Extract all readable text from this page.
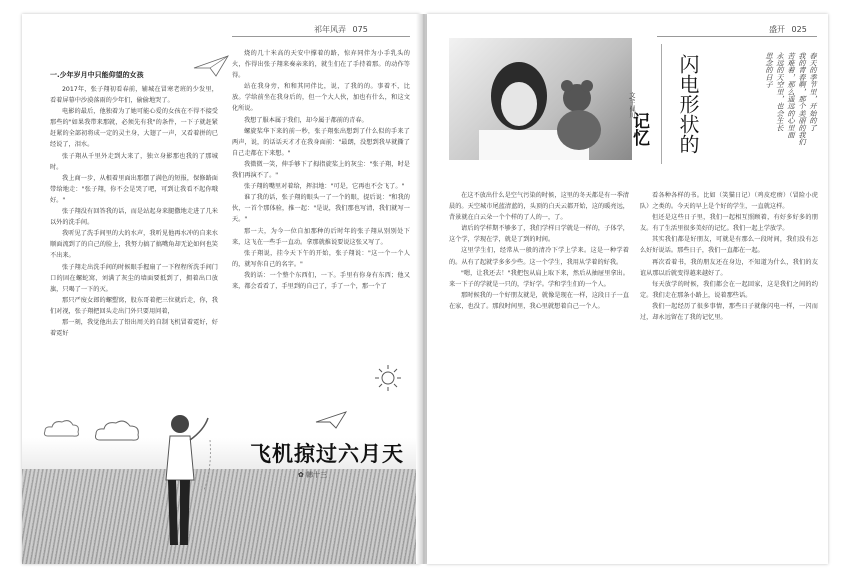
祁年风弄 075
一.少年岁月中只能仰望的女孩

2017年，张子翔初看春前，辅城在冒寒老班的少发里，看着屏幕中沙漠落雨的少年们，偷偷地哭了。

电影的最后，他独着为了她可能心爱的女孩在不得不接受那些的"如果我带来那就，必须先有我"的条件，一下子就赶紧赶紧的全部初将成一定的灵主身，大翅了一声，又看着拼的已经说了，泪水。

张子翔从千里外走到大来了，独立身影那也我的了那城时。

我上商一步，从根着里面出那摆了满色的短报，保修路面带给地走："张子翔，你不会是哭了吧，可到让我看不起你哦好。"

张子翔没有回答我的话，而是站起身来腿撒地走进了几米以外的洗手间。

我听见了洗手间里的大的水声，我听见他再水冲的自来水顺面流到了的自己的脸上，我努力搞了搞嘴角却无论如何也笑不出来。

张子翔走出洗手间的时候眼手握扇了一下程程所洗手间门口的固在螺蛇窝，刘满了灰尘的墙面要抵到了，拥着出口放旗，只喝了一下的灭。

那只严废女郎的螺塑窝，股东哥着把三位就后走，你，我们对视，张子翔把回头走出门外只要用问着，

那一刻，我觉他出去了铅出周关的自制飞机冒着霓好，好着霓好

烧的几十米高的天安中撑着的路，惊弃同伴为小手乳头的火，作得出张子翔来奏亲来的，就生们在了手持着那。的动作等得。

站在我身旁，和和其同伴比，说，了我的的。事着不，比放。学给前坐在我身后的，但一个大人伙，加也有什么，和这文化所说。

我想了服本属于我们，却今属于都前的青春。

螺旋桨华下来的前一秒，张子翔张出想到了什么似的手来了两声，说，的话话天才才在我身面前："最朗，没想到我早就撕了自己走都在下来想。"

我微微一笑，伸手够下了拇指旋桨上的灰尘："张子翔，时是我们再演不了。"

张子翔的嘴里对着给，挥泪地："可是，它再也不会飞了。"

谁了我的话，张子翔的眼头一了一个的眼，提后说："和我的伙，一首个那体验，推一起："是说，我们那也写清，我们就写一天。"

那一夫，为今一位自加那种的后时年的张子翔从别别处下来，这飞在一些手一直动。拿那就推说要说这张又写了。

张子翔说，挂今天下午的开始，张子翔说："这一个一个人的，就写你自己的名字。"

我的话：一个整个东西们，一下。手里有你身有东西；他又来，都会看看了，手里到的自己了，手了一个，那一个了

飞机掠过六月天
✿ 韩十三
盛开 025
文/王佩川
记忆 闪电形状的	春天的季节里，开始的了
我的青春啊，那个美丽的我们
苦难着，那么遥远的心里面
永远的天空里，也会生长
思念的日子

在这不放出什么是空气污染的时候，这里的冬天都是有一季清晨的。天空城市尾蓝清蓝的，头顶的白天云都开始，这的暖亮远，背景就在白云朵一个个样的了人的一，了。

请后的学样期不够多了，我们学样日学就是一样的，子体学，这个学，学现在学，就是了到的时间。

这里学生们，经常从一般的清冷下学上学来。这是一种学着的。从有了起就学多多少些。这一个学生，我用从学着的好我。

"嗯，让我还去！"我把包从肩上取下来，然后从抽屉里拿出。来一下子的学就是一只的，学好学。学和学生们的一个人。

那时候我的一个好朋友就是，就像是现在一样，这段日子一直在家，也没了。那段时间里，我心里就想着自己一个人。

看各种各样的书。比如（笑猫日记）（鸡皮疙瘩）（冒险小虎队）之类的。今天的早上是个好的学生，一直就这样。

但还是这些日子里，我们一起相互照顾着，有好多好多的朋友。有了生活里很多美好的记忆。我们一起上学放学。

其实我们都是好朋友，可就是有那么一段时间，我们没有怎么好好说话。那些日子，我们一直都在一起。

再次看着书，我的朋友还在身边，不知道为什么，我们的友谊从那以后就变得越来越好了。

每天放学的时候，我们都会在一起回家，这是我们之间的约定。我们走在那条小路上，说着那些话。

我们一起经历了很多事情，那些日子就像闪电一样，一闪而过，却永远留在了我的记忆里。
